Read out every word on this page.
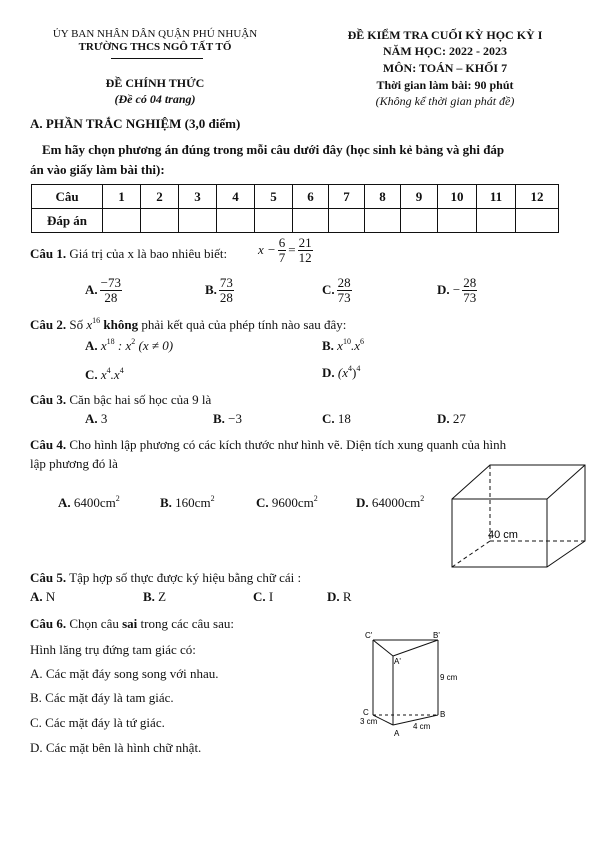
ỦY BAN NHÂN DÂN QUẬN PHÚ NHUẬN
TRƯỜNG THCS NGÔ TẤT TỐ
ĐỀ CHÍNH THỨC
(Đề có 04 trang)
ĐỀ KIỂM TRA CUỐI KỲ HỌC KỲ I
NĂM HỌC: 2022 - 2023
MÔN: TOÁN – KHỐI 7
Thời gian làm bài: 90 phút
(Không kể thời gian phát đề)
A. PHẦN TRẮC NGHIỆM (3,0 điểm)
Em hãy chọn phương án đúng trong mỗi câu dưới đây (học sinh kẻ bảng và ghi đáp
án vào giấy làm bài thi):
Câu	1	2	3	4	5	6	7	8	9	10	11	12
Đáp án												
Câu 1. Giá trị của x là bao nhiêu biết: $x - \frac{6}{7} = \frac{21}{12}$
A. $\frac{-73}{28}$	B. $\frac{73}{28}$	C. $\frac{28}{73}$	D.
− $\frac{28}{73}$
Câu 2. Số $x^{16}$ không phải kết quả của phép tính nào sau đây:
A. $x^{18}$ : $x^2$ (x ≠ 0)	B. $x^{10}.x^6$
C. $x^4.x^4$	D. $(x^4)^4$
Câu 3. Căn bậc hai số học của 9 là
A. 3	B. −3	C. 18	D. 27
Câu 4. Cho hình lập phương có các kích thước như hình vẽ. Diện tích xung quanh của hình
lập phương đó là
A. $6400cm^2$	B. $160cm^2$	C. $9600cm^2$	D. $64000cm^2$
40 cm
Câu 5. Tập hợp số thực được ký hiệu bằng chữ cái :
A. N	B. Z	C. I	D. R
Câu 6. Chọn câu sai trong các câu sau:
Hình lăng trụ đứng tam giác có:
A. Các mặt đáy song song với nhau.
B. Các mặt đáy là tam giác.
C. Các mặt đáy là tứ giác.
D. Các mặt bên là hình chữ nhật.
C'	B'
A'
C	B
A
9 cm
3 cm
4 cm
